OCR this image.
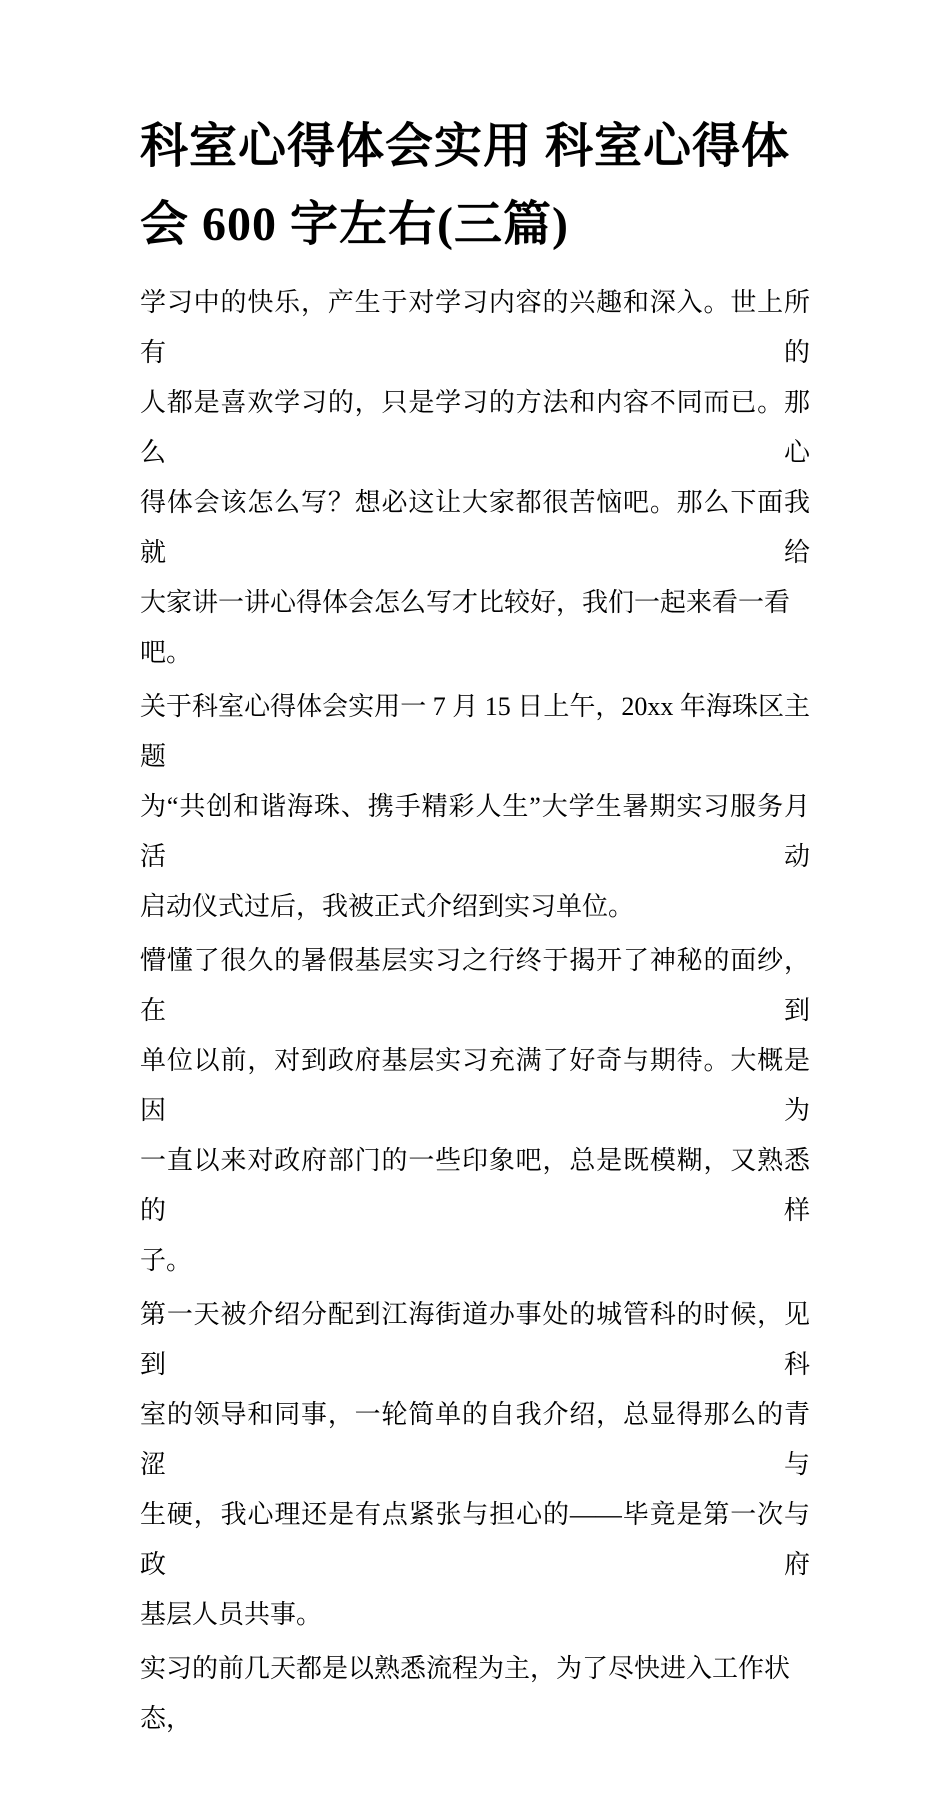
科室心得体会实用 科室心得体
会 600 字左右(三篇)
学习中的快乐，产生于对学习内容的兴趣和深入。世上所有的
人都是喜欢学习的，只是学习的方法和内容不同而已。那么心
得体会该怎么写？想必这让大家都很苦恼吧。那么下面我就给
大家讲一讲心得体会怎么写才比较好，我们一起来看一看吧。
关于科室心得体会实用一 7 月 15 日上午，20xx 年海珠区主题
为“共创和谐海珠、携手精彩人生”大学生暑期实习服务月活动
启动仪式过后，我被正式介绍到实习单位。
懵懂了很久的暑假基层实习之行终于揭开了神秘的面纱，在到
单位以前，对到政府基层实习充满了好奇与期待。大概是因为
一直以来对政府部门的一些印象吧，总是既模糊，又熟悉的样
子。
第一天被介绍分配到江海街道办事处的城管科的时候，见到科
室的领导和同事，一轮简单的自我介绍，总显得那么的青涩与
生硬，我心理还是有点紧张与担心的——毕竟是第一次与政府
基层人员共事。
实习的前几天都是以熟悉流程为主，为了尽快进入工作状态，
